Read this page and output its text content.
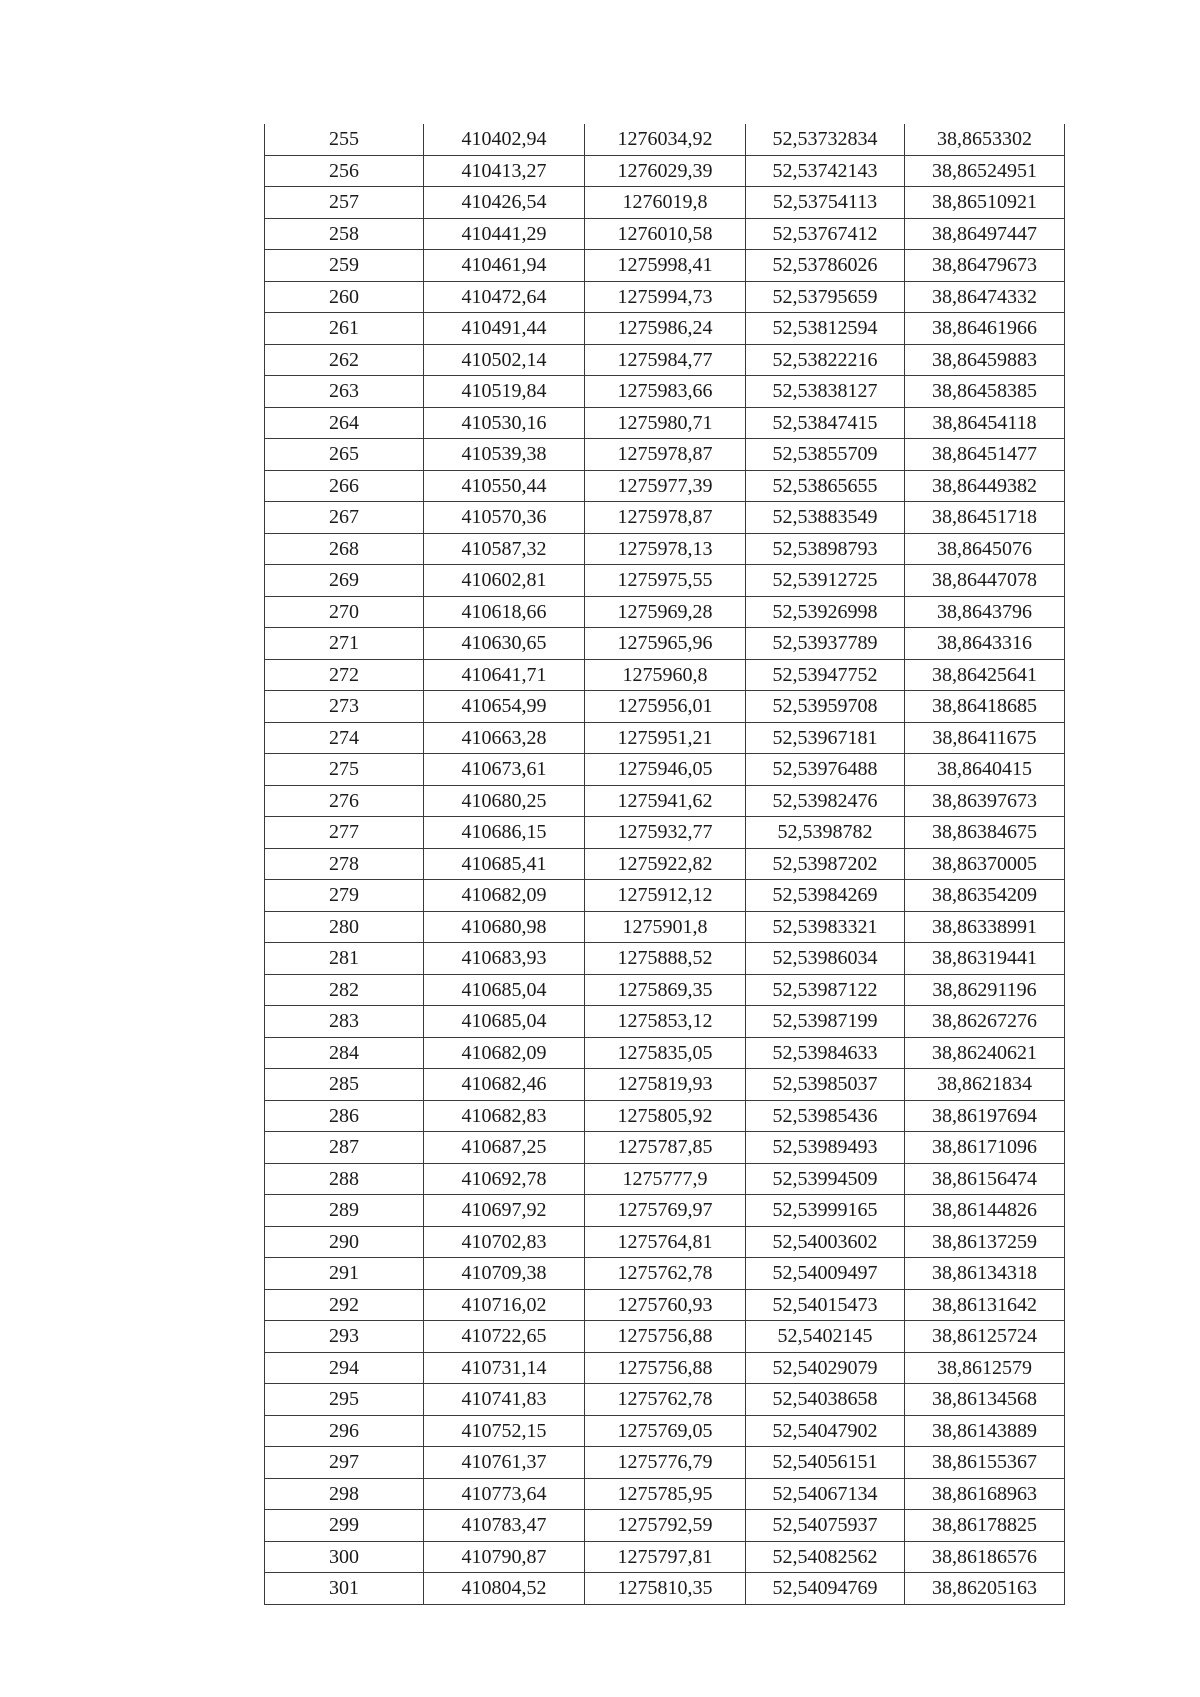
255	410402,94	1276034,92	52,53732834	38,8653302
256	410413,27	1276029,39	52,53742143	38,86524951
257	410426,54	1276019,8	52,53754113	38,86510921
258	410441,29	1276010,58	52,53767412	38,86497447
259	410461,94	1275998,41	52,53786026	38,86479673
260	410472,64	1275994,73	52,53795659	38,86474332
261	410491,44	1275986,24	52,53812594	38,86461966
262	410502,14	1275984,77	52,53822216	38,86459883
263	410519,84	1275983,66	52,53838127	38,86458385
264	410530,16	1275980,71	52,53847415	38,86454118
265	410539,38	1275978,87	52,53855709	38,86451477
266	410550,44	1275977,39	52,53865655	38,86449382
267	410570,36	1275978,87	52,53883549	38,86451718
268	410587,32	1275978,13	52,53898793	38,8645076
269	410602,81	1275975,55	52,53912725	38,86447078
270	410618,66	1275969,28	52,53926998	38,8643796
271	410630,65	1275965,96	52,53937789	38,8643316
272	410641,71	1275960,8	52,53947752	38,86425641
273	410654,99	1275956,01	52,53959708	38,86418685
274	410663,28	1275951,21	52,53967181	38,86411675
275	410673,61	1275946,05	52,53976488	38,8640415
276	410680,25	1275941,62	52,53982476	38,86397673
277	410686,15	1275932,77	52,5398782	38,86384675
278	410685,41	1275922,82	52,53987202	38,86370005
279	410682,09	1275912,12	52,53984269	38,86354209
280	410680,98	1275901,8	52,53983321	38,86338991
281	410683,93	1275888,52	52,53986034	38,86319441
282	410685,04	1275869,35	52,53987122	38,86291196
283	410685,04	1275853,12	52,53987199	38,86267276
284	410682,09	1275835,05	52,53984633	38,86240621
285	410682,46	1275819,93	52,53985037	38,8621834
286	410682,83	1275805,92	52,53985436	38,86197694
287	410687,25	1275787,85	52,53989493	38,86171096
288	410692,78	1275777,9	52,53994509	38,86156474
289	410697,92	1275769,97	52,53999165	38,86144826
290	410702,83	1275764,81	52,54003602	38,86137259
291	410709,38	1275762,78	52,54009497	38,86134318
292	410716,02	1275760,93	52,54015473	38,86131642
293	410722,65	1275756,88	52,5402145	38,86125724
294	410731,14	1275756,88	52,54029079	38,8612579
295	410741,83	1275762,78	52,54038658	38,86134568
296	410752,15	1275769,05	52,54047902	38,86143889
297	410761,37	1275776,79	52,54056151	38,86155367
298	410773,64	1275785,95	52,54067134	38,86168963
299	410783,47	1275792,59	52,54075937	38,86178825
300	410790,87	1275797,81	52,54082562	38,86186576
301	410804,52	1275810,35	52,54094769	38,86205163
